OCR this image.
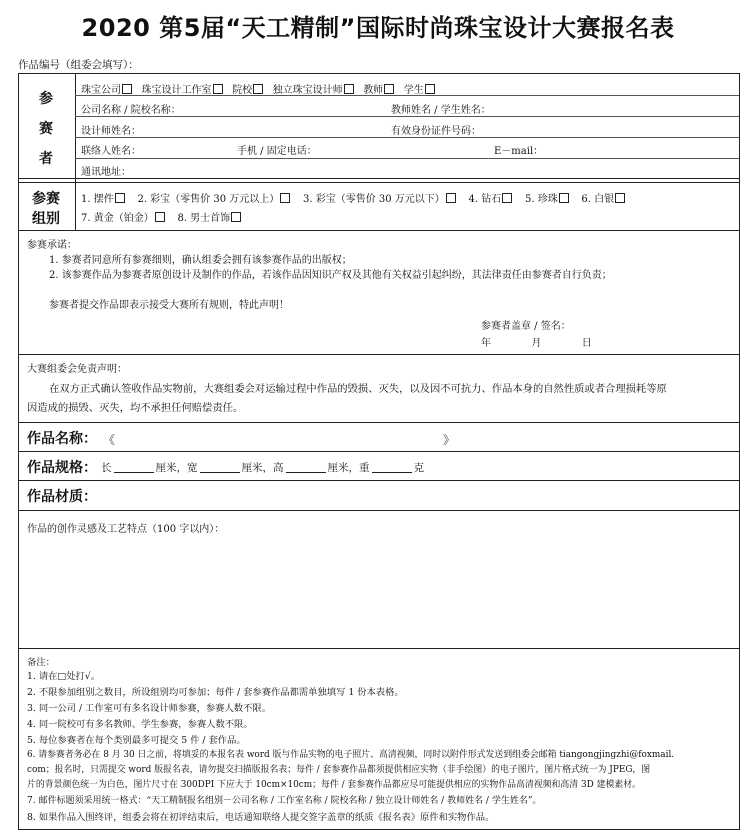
2020 第5届“天工精制”国际时尚珠宝设计大赛报名表
作品编号（组委会填写）：
参
赛
者
珠宝公司 珠宝设计工作室 院校 独立珠宝设计师 教师 学生
公司名称 / 院校名称：	教师姓名 / 学生姓名：
设计师姓名：	有效身份证件号码：
联络人姓名：	手机 / 固定电话：	E－mail：
通讯地址：
参赛
组别
1. 摆件 2. 彩宝（零售价 30 万元以上） 3. 彩宝（零售价 30 万元以下） 4. 钻石 5. 珍珠 6. 白银
7. 黄金（铂金） 8. 男士首饰
参赛承诺：
1. 参赛者同意所有参赛细则，确认组委会拥有该参赛作品的出版权；
2. 该参赛作品为参赛者原创设计及制作的作品，若该作品因知识产权及其他有关权益引起纠纷，其法律责任由参赛者自行负责；
参赛者提交作品即表示接受大赛所有规则，特此声明！
参赛者盖章 / 签名：
年	月	日
大赛组委会免责声明：
在双方正式确认签收作品实物前，大赛组委会对运输过程中作品的毁损、灭失，以及因不可抗力、作品本身的自然性质或者合理损耗等原
因造成的损毁、灭失，均不承担任何赔偿责任。
作品名称： 《	》
作品规格： 长	厘米，宽	厘米，高	厘米，重	克
作品材质：
作品的创作灵感及工艺特点（100 字以内）：
备注：
1. 请在□处打√。
2. 不限参加组别之数目，所设组别均可参加；每件 / 套参赛作品都需单独填写 1 份本表格。
3. 同一公司 / 工作室可有多名设计师参赛，参赛人数不限。
4. 同一院校可有多名教师、学生参赛，参赛人数不限。
5. 每位参赛者在每个类别最多可提交 5 件 / 套作品。
6. 请参赛者务必在 8 月 30 日之前，将填妥的本报名表 word 版与作品实物的电子照片、高清视频，同时以附件形式发送到组委会邮箱 tiangongjingzhi@foxmail.
com；报名时，只需提交 word 版报名表，请勿提交扫描版报名表；每件 / 套参赛作品都须提供相应实物（非手绘图）的电子图片，图片格式统一为 JPEG，图
片的背景颜色统一为白色，图片尺寸在 300DPI 下应大于 10cm×10cm；每件 / 套参赛作品都应尽可能提供相应的实物作品高清视频和高清 3D 建模素材。
7. 邮件标题须采用统一格式：“天工精制报名组别－公司名称 / 工作室名称 / 院校名称 / 独立设计师姓名 / 教师姓名 / 学生姓名”。
8. 如果作品入围终评，组委会将在初评结束后，电话通知联络人提交签字盖章的纸质《报名表》原件和实物作品。
